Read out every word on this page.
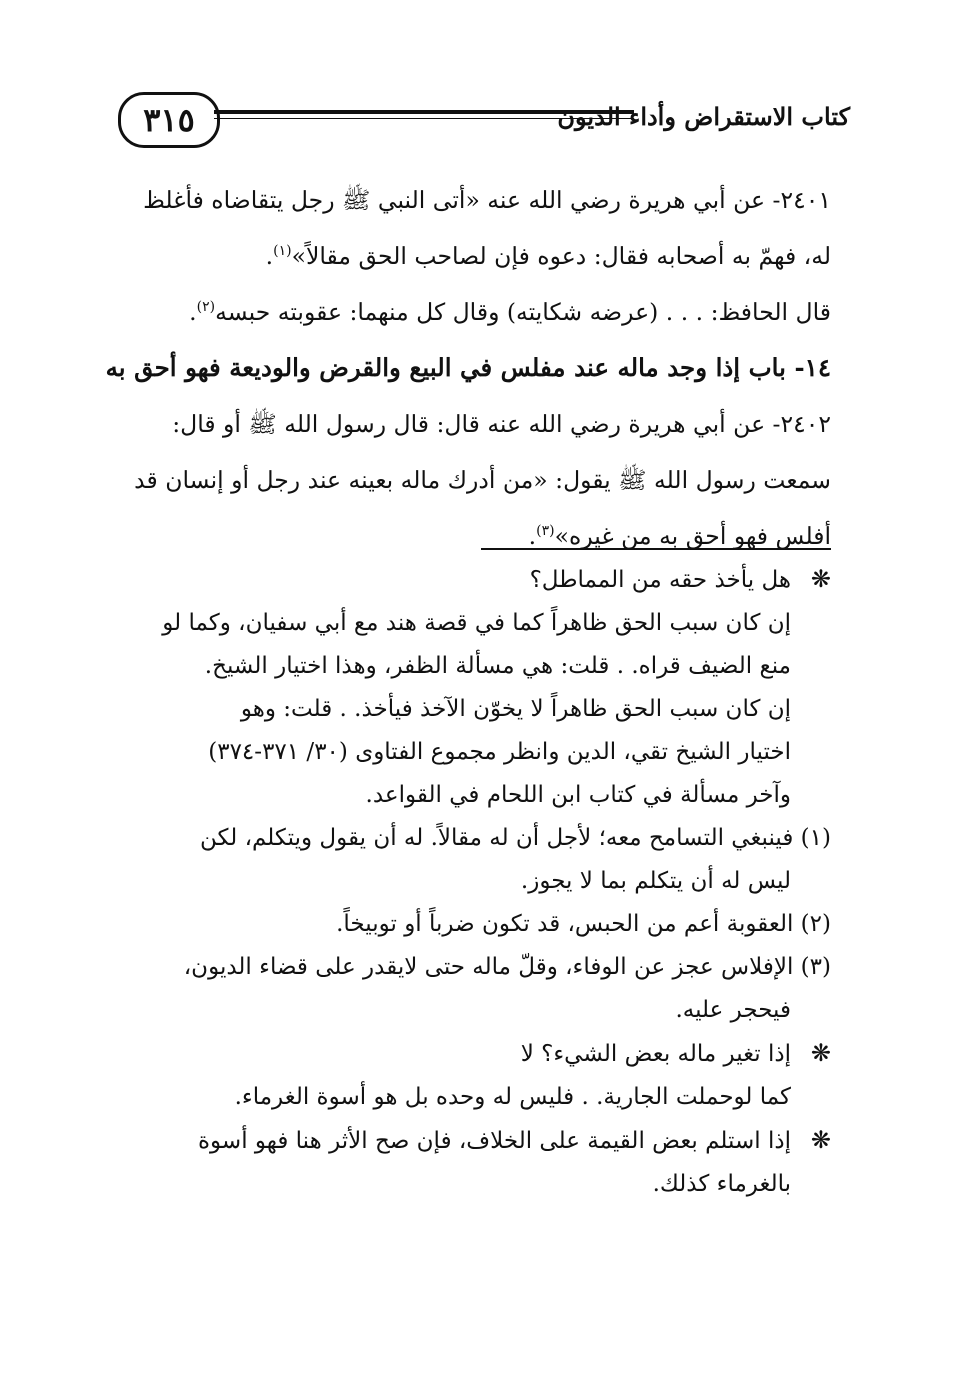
٣١٥	كتاب الاستقراض وأداء الديون
٢٤٠١- عن أبي هريرة رضي الله عنه «أتى النبي ﷺ رجل يتقاضاه فأغلظ
له، فهمّ به أصحابه فقال: دعوه فإن لصاحب الحق مقالاً»$^{(١)}$.
قال الحافظ: . . . (عرضه شكايته) وقال كل منهما: عقوبته حبسه$^{(٢)}$.
١٤- باب إذا وجد ماله عند مفلس في البيع والقرض والوديعة فهو أحق به
٢٤٠٢- عن أبي هريرة رضي الله عنه قال: قال رسول الله ﷺ أو قال:
سمعت رسول الله ﷺ يقول: «من أدرك ماله بعينه عند رجل أو إنسان قد
أفلس فهو أحق به من غيره»$^{(٣)}$.
❋هل يأخذ حقه من المماطل؟
إن كان سبب الحق ظاهراً كما في قصة هند مع أبي سفيان، وكما لو
منع الضيف قراه. . قلت: هي مسألة الظفر، وهذا اختيار الشيخ.
إن كان سبب الحق ظاهراً لا يخوّن الآخذ فيأخذ. . قلت: وهو
اختيار الشيخ تقي، الدين وانظر مجموع الفتاوى (٣٠/ ٣٧١-٣٧٤)
وآخر مسألة في كتاب ابن اللحام في القواعد.
(١) فينبغي التسامح معه؛ لأجل أن له مقالاً. له أن يقول ويتكلم، لكن
ليس له أن يتكلم بما لا يجوز.
(٢) العقوبة أعم من الحبس، قد تكون ضرباً أو توبيخاً.
(٣) الإفلاس عجز عن الوفاء، وقلّ ماله حتى لايقدر على قضاء الديون،
فيحجر عليه.
❋إذا تغير ماله بعض الشيء؟ لا
كما لوحملت الجارية. . فليس له وحده بل هو أسوة الغرماء.
❋إذا استلم بعض القيمة على الخلاف، فإن صح الأثر هنا فهو أسوة
بالغرماء كذلك.
